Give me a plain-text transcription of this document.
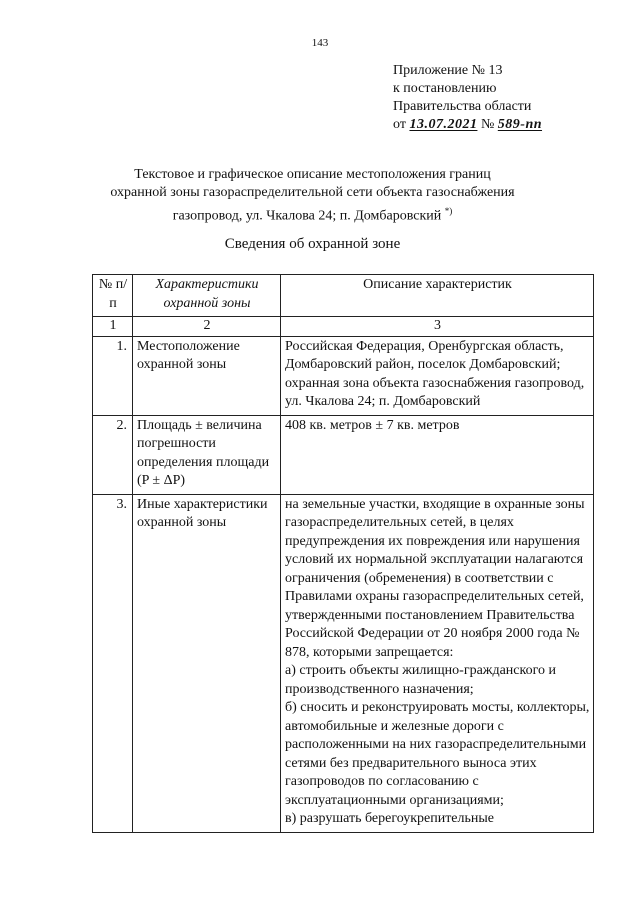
143
Приложение № 13
к постановлению
Правительства области
от 13.07.2021 № 589-пп
Текстовое и графическое описание местоположения границ
охранной зоны газораспределительной сети объекта газоснабжения
газопровод, ул. Чкалова 24; п. Домбаровский *)
Сведения об охранной зоне
№ п/п	Характеристики охранной зоны	Описание характеристик
1	2	3
1.	Местоположение охранной зоны	Российская Федерация, Оренбургская область, Домбаровский район, поселок Домбаровский; охранная зона объекта газоснабжения газопровод, ул. Чкалова 24; п. Домбаровский
2.	Площадь ± величина погрешности определения площади (P ± ΔP)	408 кв. метров ± 7 кв. метров
3.	Иные характеристики охранной зоны	на земельные участки, входящие в охранные зоны газораспределительных сетей, в целях предупреждения их повреждения или нарушения условий их нормальной эксплуатации налагаются ограничения (обременения) в соответствии с Правилами охраны газораспределительных сетей, утвержденными постановлением Правительства Российской Федерации от 20 ноября 2000 года № 878, которыми запрещается:
а) строить объекты жилищно-гражданского и производственного назначения;
б) сносить и реконструировать мосты, коллекторы, автомобильные и железные дороги с расположенными на них газораспределительными сетями без предварительного выноса этих газопроводов по согласованию с эксплуатационными организациями;
в) разрушать берегоукрепительные
